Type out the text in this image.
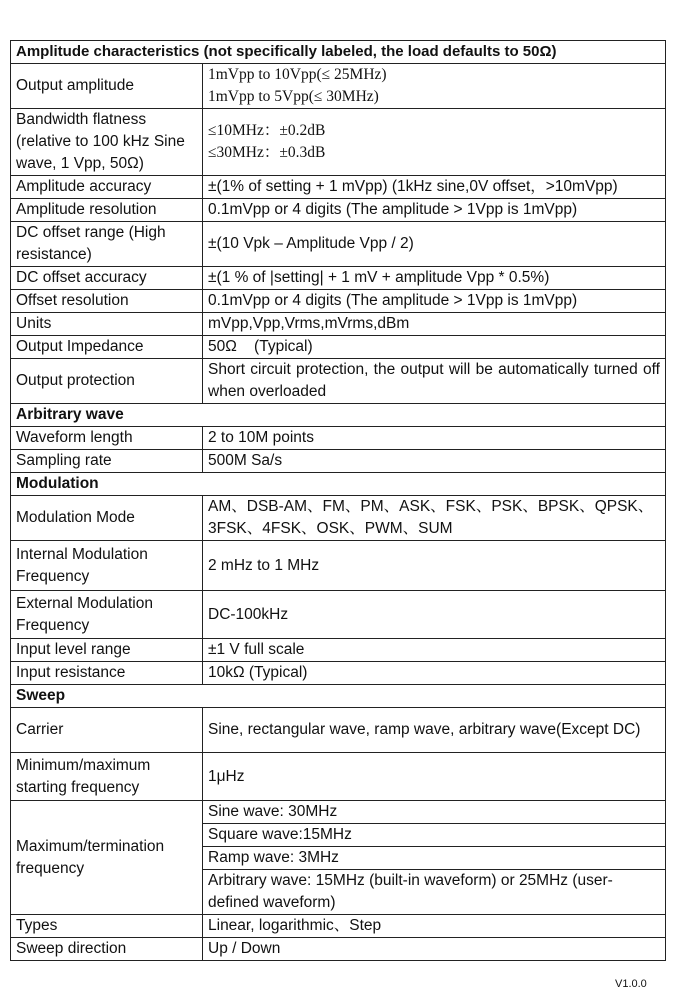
Amplitude characteristics (not specifically labeled, the load defaults to 50Ω)	
Output amplitude	1mVpp to 10Vpp(≤ 25MHz)
1mVpp to 5Vpp(≤ 30MHz)

Bandwidth flatness (relative to 100 kHz Sine wave, 1 Vpp, 50Ω)	≤10MHz：±0.2dB
≤30MHz：±0.3dB

Amplitude accuracy	±(1% of setting + 1 mVpp) (1kHz sine,0V offset，>10mVpp)
Amplitude resolution	0.1mVpp or 4 digits (The amplitude > 1Vpp is 1mVpp)
DC offset range (High resistance)	±(10 Vpk – Amplitude Vpp / 2)
DC offset accuracy	±(1 % of |setting| + 1 mV + amplitude Vpp * 0.5%)
Offset resolution	0.1mVpp or 4 digits (The amplitude > 1Vpp is 1mVpp)
Units	mVpp,Vpp,Vrms,mVrms,dBm
Output Impedance	50Ω    (Typical)
Output protection	Short circuit protection, the output will be automatically turned off when overloaded
Arbitrary wave	
Waveform length	2 to 10M points
Sampling rate	500M Sa/s
Modulation	
Modulation Mode	AM、DSB-AM、FM、PM、ASK、FSK、PSK、BPSK、QPSK、3FSK、4FSK、OSK、PWM、SUM
Internal Modulation Frequency	2 mHz to 1 MHz
External Modulation Frequency	DC-100kHz
Input level range	±1 V full scale
Input resistance	10kΩ (Typical)
Sweep	
Carrier	Sine, rectangular wave, ramp wave, arbitrary wave(Except DC)
Minimum/maximum starting frequency	1μHz
Maximum/termination frequency	Sine wave: 30MHz
	Square wave:15MHz
	Ramp wave: 3MHz
	Arbitrary wave: 15MHz (built-in waveform) or 25MHz (user-defined waveform)
Types	Linear, logarithmic、Step
Sweep direction	Up / Down
V1.0.0
